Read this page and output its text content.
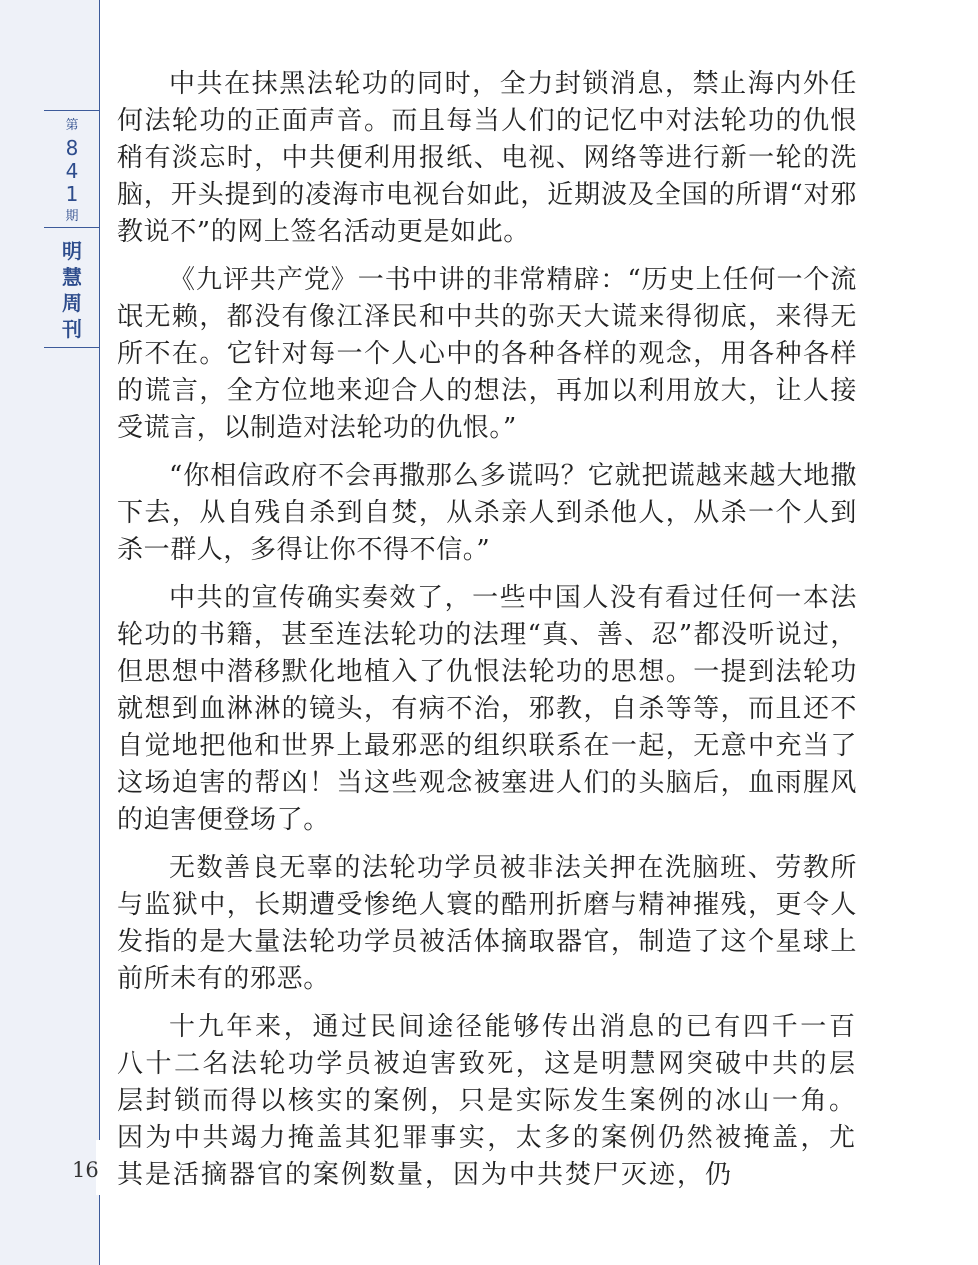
第
8
4
1
期
明
慧
周
刊
16

中共在抹黑法轮功的同时，全力封锁消息，禁止海内外任何法轮功的正面声音。而且每当人们的记忆中对法轮功的仇恨稍有淡忘时，中共便利用报纸、电视、网络等进行新一轮的洗脑，开头提到的凌海市电视台如此，近期波及全国的所谓“对邪教说不”的网上签名活动更是如此。

《九评共产党》一书中讲的非常精辟：“历史上任何一个流氓无赖，都没有像江泽民和中共的弥天大谎来得彻底，来得无所不在。它针对每一个人心中的各种各样的观念，用各种各样的谎言，全方位地来迎合人的想法，再加以利用放大，让人接受谎言，以制造对法轮功的仇恨。”

“你相信政府不会再撒那么多谎吗？它就把谎越来越大地撒下去，从自残自杀到自焚，从杀亲人到杀他人，从杀一个人到杀一群人，多得让你不得不信。”

中共的宣传确实奏效了，一些中国人没有看过任何一本法轮功的书籍，甚至连法轮功的法理“真、善、忍”都没听说过，但思想中潜移默化地植入了仇恨法轮功的思想。一提到法轮功就想到血淋淋的镜头，有病不治，邪教，自杀等等，而且还不自觉地把他和世界上最邪恶的组织联系在一起，无意中充当了这场迫害的帮凶！当这些观念被塞进人们的头脑后，血雨腥风的迫害便登场了。

无数善良无辜的法轮功学员被非法关押在洗脑班、劳教所与监狱中，长期遭受惨绝人寰的酷刑折磨与精神摧残，更令人发指的是大量法轮功学员被活体摘取器官，制造了这个星球上前所未有的邪恶。

十九年来，通过民间途径能够传出消息的已有四千一百八十二名法轮功学员被迫害致死，这是明慧网突破中共的层层封锁而得以核实的案例，只是实际发生案例的冰山一角。因为中共竭力掩盖其犯罪事实，太多的案例仍然被掩盖，尤其是活摘器官的案例数量，因为中共焚尸灭迹，仍
